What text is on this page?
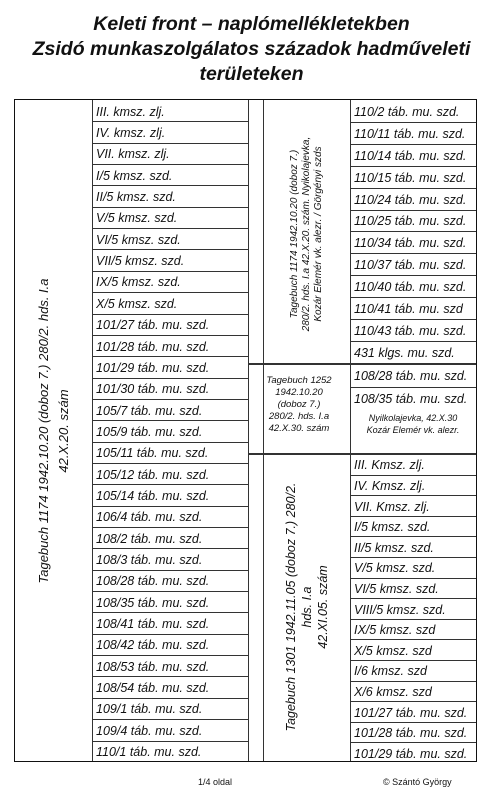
Keleti front – naplómellékletekben
Zsidó munkaszolgálatos századok hadműveleti
területeken
Tagebuch 1174 1942.10.20 (doboz 7.) 280/2. hds. I.a 42.X.20. szám
Tagebuch 1174 1942.10.20 (doboz 7.) 280/2. hds. I.a 42.X.20. szám. Nyikolajevka, Kozár Elemér vk. alezr. / Görgényi szds
Tagebuch 1252
1942.10.20
(doboz 7.)
280/2. hds. I.a
42.X.30. szám
Nyilkolajevka, 42.X.30
Kozár Elemér vk. alezr.
Tagebuch 1301 1942.11.05 (doboz 7.) 280/2. hds. I.a 42.XI.05. szám
III. kmsz. zlj.
IV. kmsz. zlj.
VII. kmsz. zlj.
I/5 kmsz. szd.
II/5 kmsz. szd.
V/5 kmsz. szd.
VI/5 kmsz. szd.
VII/5 kmsz. szd.
IX/5 kmsz. szd.
X/5 kmsz. szd.
101/27 táb. mu. szd.
101/28 táb. mu. szd.
101/29 táb. mu. szd.
101/30 táb. mu. szd.
105/7 táb. mu. szd.
105/9 táb. mu. szd.
105/11 táb. mu. szd.
105/12 táb. mu. szd.
105/14 táb. mu. szd.
106/4 táb. mu. szd.
108/2 táb. mu. szd.
108/3 táb. mu. szd.
108/28 táb. mu. szd.
108/35 táb. mu. szd.
108/41 táb. mu. szd.
108/42 táb. mu. szd.
108/53 táb. mu. szd.
108/54 táb. mu. szd.
109/1 táb. mu. szd.
109/4 táb. mu. szd.
110/1 táb. mu. szd.
110/2 táb. mu. szd.
110/11 táb. mu. szd.
110/14 táb. mu. szd.
110/15 táb. mu. szd.
110/24 táb. mu. szd.
110/25 táb. mu. szd.
110/34 táb. mu. szd.
110/37 táb. mu. szd.
110/40 táb. mu. szd.
110/41 táb. mu. szd
110/43 táb. mu. szd.
431 klgs. mu. szd.
108/28 táb. mu. szd.
108/35 táb. mu. szd.
III. Kmsz. zlj.
IV. Kmsz. zlj.
VII. Kmsz. zlj.
I/5 kmsz. szd.
II/5 kmsz. szd.
V/5 kmsz. szd.
VI/5 kmsz. szd.
VIII/5 kmsz. szd.
IX/5 kmsz. szd
X/5 kmsz. szd
I/6 kmsz. szd
X/6 kmsz. szd
101/27 táb. mu. szd.
101/28 táb. mu. szd.
101/29 táb. mu. szd.
1/4 oldal	© Szántó György
